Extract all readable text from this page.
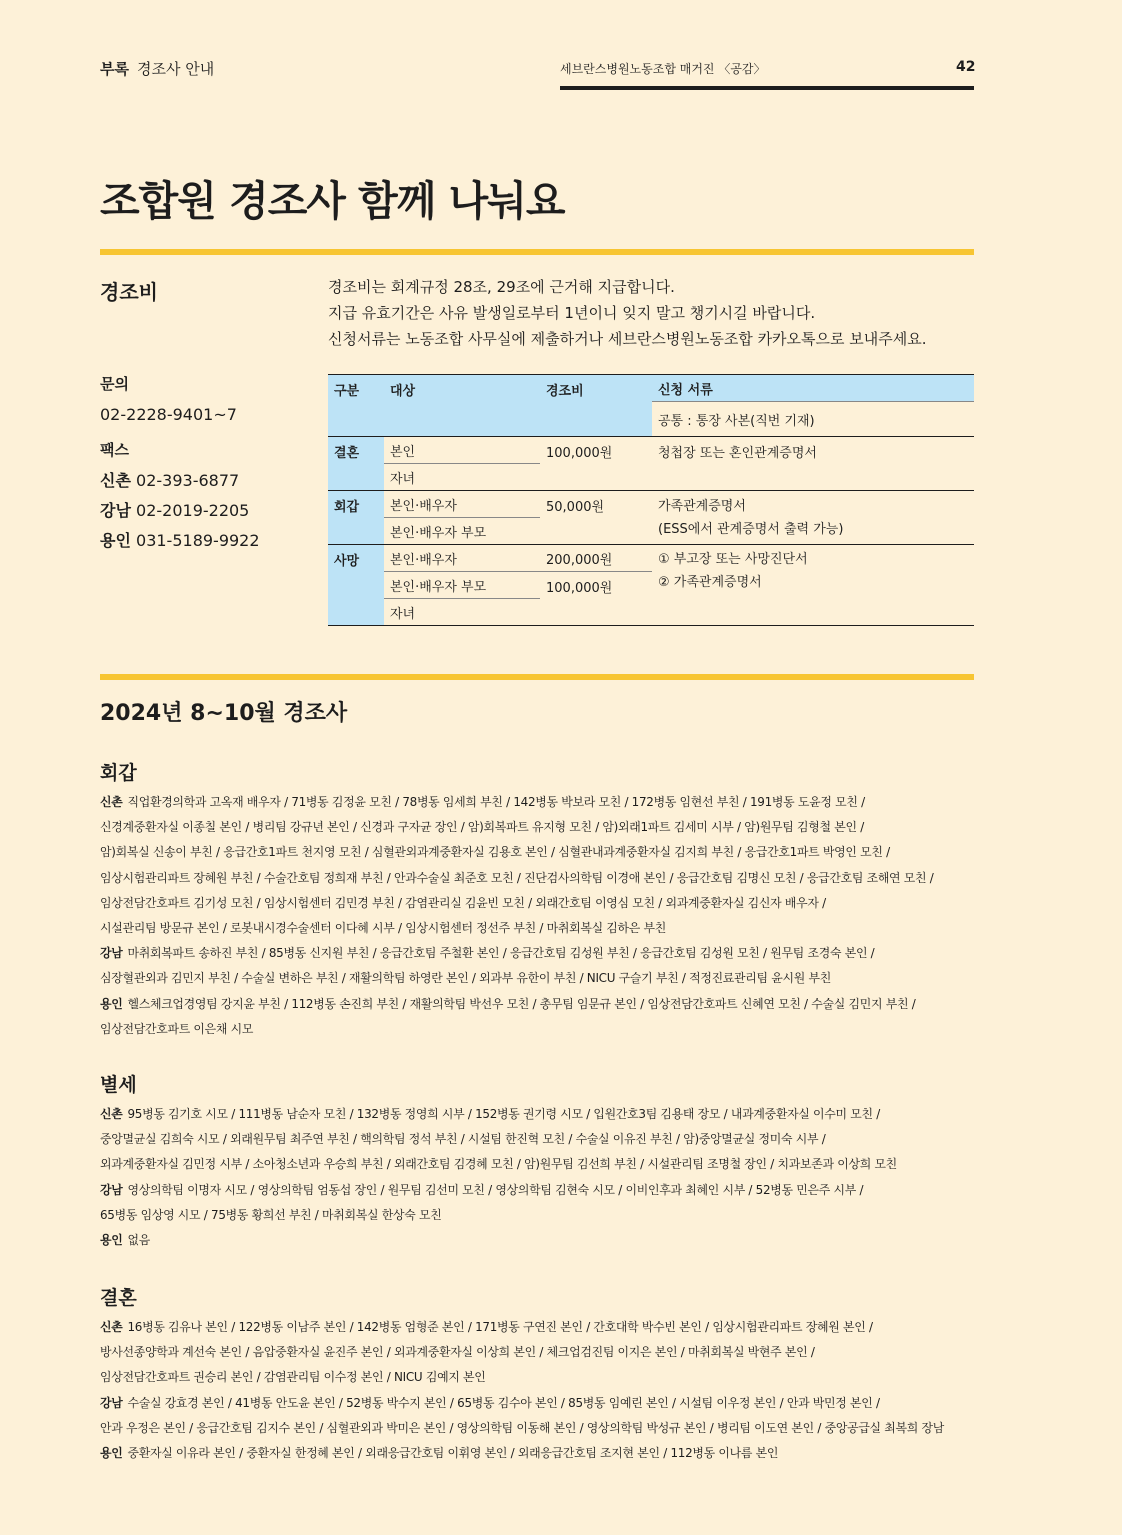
부록 경조사 안내	세브란스병원노동조합 매거진 〈공감〉	42
조합원 경조사 함께 나눠요
경조비	경조비는 회계규정 28조, 29조에 근거해 지급합니다.
지급 유효기간은 사유 발생일로부터 1년이니 잊지 말고 챙기시길 바랍니다.
신청서류는 노동조합 사무실에 제출하거나 세브란스병원노동조합 카카오톡으로 보내주세요.
문의
02-2228-9401~7
팩스
신촌 02-393-6877
강남 02-2019-2205
용인 031-5189-9922
구분	대상	경조비	신청 서류
			공통 : 통장 사본(직번 기재)
결혼	본인	100,000원	청첩장 또는 혼인관계증명서
	자녀		
회갑	본인·배우자	50,000원	가족관계증명서
(ESS에서 관계증명서 출력 가능)

	본인·배우자 부모		
사망	본인·배우자	200,000원	① 부고장 또는 사망진단서
② 가족관계증명서

	본인·배우자 부모	100,000원	
	자녀		
2024년 8~10월 경조사
회갑
신촌 직업환경의학과 고옥재 배우자 / 71병동 김정윤 모친 / 78병동 임세희 부친 / 142병동 박보라 모친 / 172병동 임현선 부친 / 191병동 도윤정 모친 /
신경계중환자실 이종칠 본인 / 병리팀 강규년 본인 / 신경과 구자균 장인 / 암)회복파트 유지형 모친 / 암)외래1파트 김세미 시부 / 암)원무팀 김형철 본인 /
암)회복실 신송이 부친 / 응급간호1파트 천지영 모친 / 심혈관외과계중환자실 김용호 본인 / 심혈관내과계중환자실 김지희 부친 / 응급간호1파트 박영인 모친 /
임상시험관리파트 장혜원 부친 / 수술간호팀 정희재 부친 / 안과수술실 최준호 모친 / 진단검사의학팀 이경애 본인 / 응급간호팀 김명신 모친 / 응급간호팀 조해연 모친 /
임상전담간호파트 김기성 모친 / 임상시험센터 김민경 부친 / 감염관리실 김윤빈 모친 / 외래간호팀 이영심 모친 / 외과계중환자실 김신자 배우자 /
시설관리팀 방문규 본인 / 로봇내시경수술센터 이다혜 시부 / 임상시험센터 정선주 부친 / 마취회복실 김하은 부친
강남 마취회복파트 송하진 부친 / 85병동 신지원 부친 / 응급간호팀 주철환 본인 / 응급간호팀 김성원 부친 / 응급간호팀 김성원 모친 / 원무팀 조경숙 본인 /
심장혈관외과 김민지 부친 / 수술실 변하은 부친 / 재활의학팀 하영란 본인 / 외과부 유한이 부친 / NICU 구슬기 부친 / 적정진료관리팀 윤시원 부친
용인 헬스체크업경영팀 강지윤 부친 / 112병동 손진희 부친 / 재활의학팀 박선우 모친 / 총무팀 임문규 본인 / 임상전담간호파트 신혜연 모친 / 수술실 김민지 부친 /
임상전담간호파트 이은채 시모
별세
신촌 95병동 김기호 시모 / 111병동 남순자 모친 / 132병동 정영희 시부 / 152병동 권기령 시모 / 입원간호3팀 김용태 장모 / 내과계중환자실 이수미 모친 /
중앙멸균실 김희숙 시모 / 외래원무팀 최주연 부친 / 핵의학팀 정석 부친 / 시설팀 한진혁 모친 / 수술실 이유진 부친 / 암)중앙멸균실 정미숙 시부 /
외과계중환자실 김민정 시부 / 소아청소년과 우승희 부친 / 외래간호팀 김경혜 모친 / 암)원무팀 김선희 부친 / 시설관리팀 조명철 장인 / 치과보존과 이상희 모친
강남 영상의학팀 이명자 시모 / 영상의학팀 엄동섭 장인 / 원무팀 김선미 모친 / 영상의학팀 김현숙 시모 / 이비인후과 최혜인 시부 / 52병동 민은주 시부 /
65병동 임상영 시모 / 75병동 황희선 부친 / 마취회복실 한상숙 모친
용인 없음
결혼
신촌 16병동 김유나 본인 / 122병동 이남주 본인 / 142병동 엄형준 본인 / 171병동 구연진 본인 / 간호대학 박수빈 본인 / 임상시험관리파트 장혜원 본인 /
방사선종양학과 계선숙 본인 / 음압중환자실 윤진주 본인 / 외과계중환자실 이상희 본인 / 체크업검진팀 이지은 본인 / 마취회복실 박현주 본인 /
임상전담간호파트 권승리 본인 / 감염관리팀 이수정 본인 / NICU 김예지 본인
강남 수술실 강효경 본인 / 41병동 안도윤 본인 / 52병동 박수지 본인 / 65병동 김수아 본인 / 85병동 임예린 본인 / 시설팀 이우정 본인 / 안과 박민정 본인 /
안과 우정은 본인 / 응급간호팀 김지수 본인 / 심혈관외과 박미은 본인 / 영상의학팀 이동해 본인 / 영상의학팀 박성규 본인 / 병리팀 이도연 본인 / 중앙공급실 최복희 장남
용인 중환자실 이유라 본인 / 중환자실 한정혜 본인 / 외래응급간호팀 이휘영 본인 / 외래응급간호팀 조지현 본인 / 112병동 이나름 본인
